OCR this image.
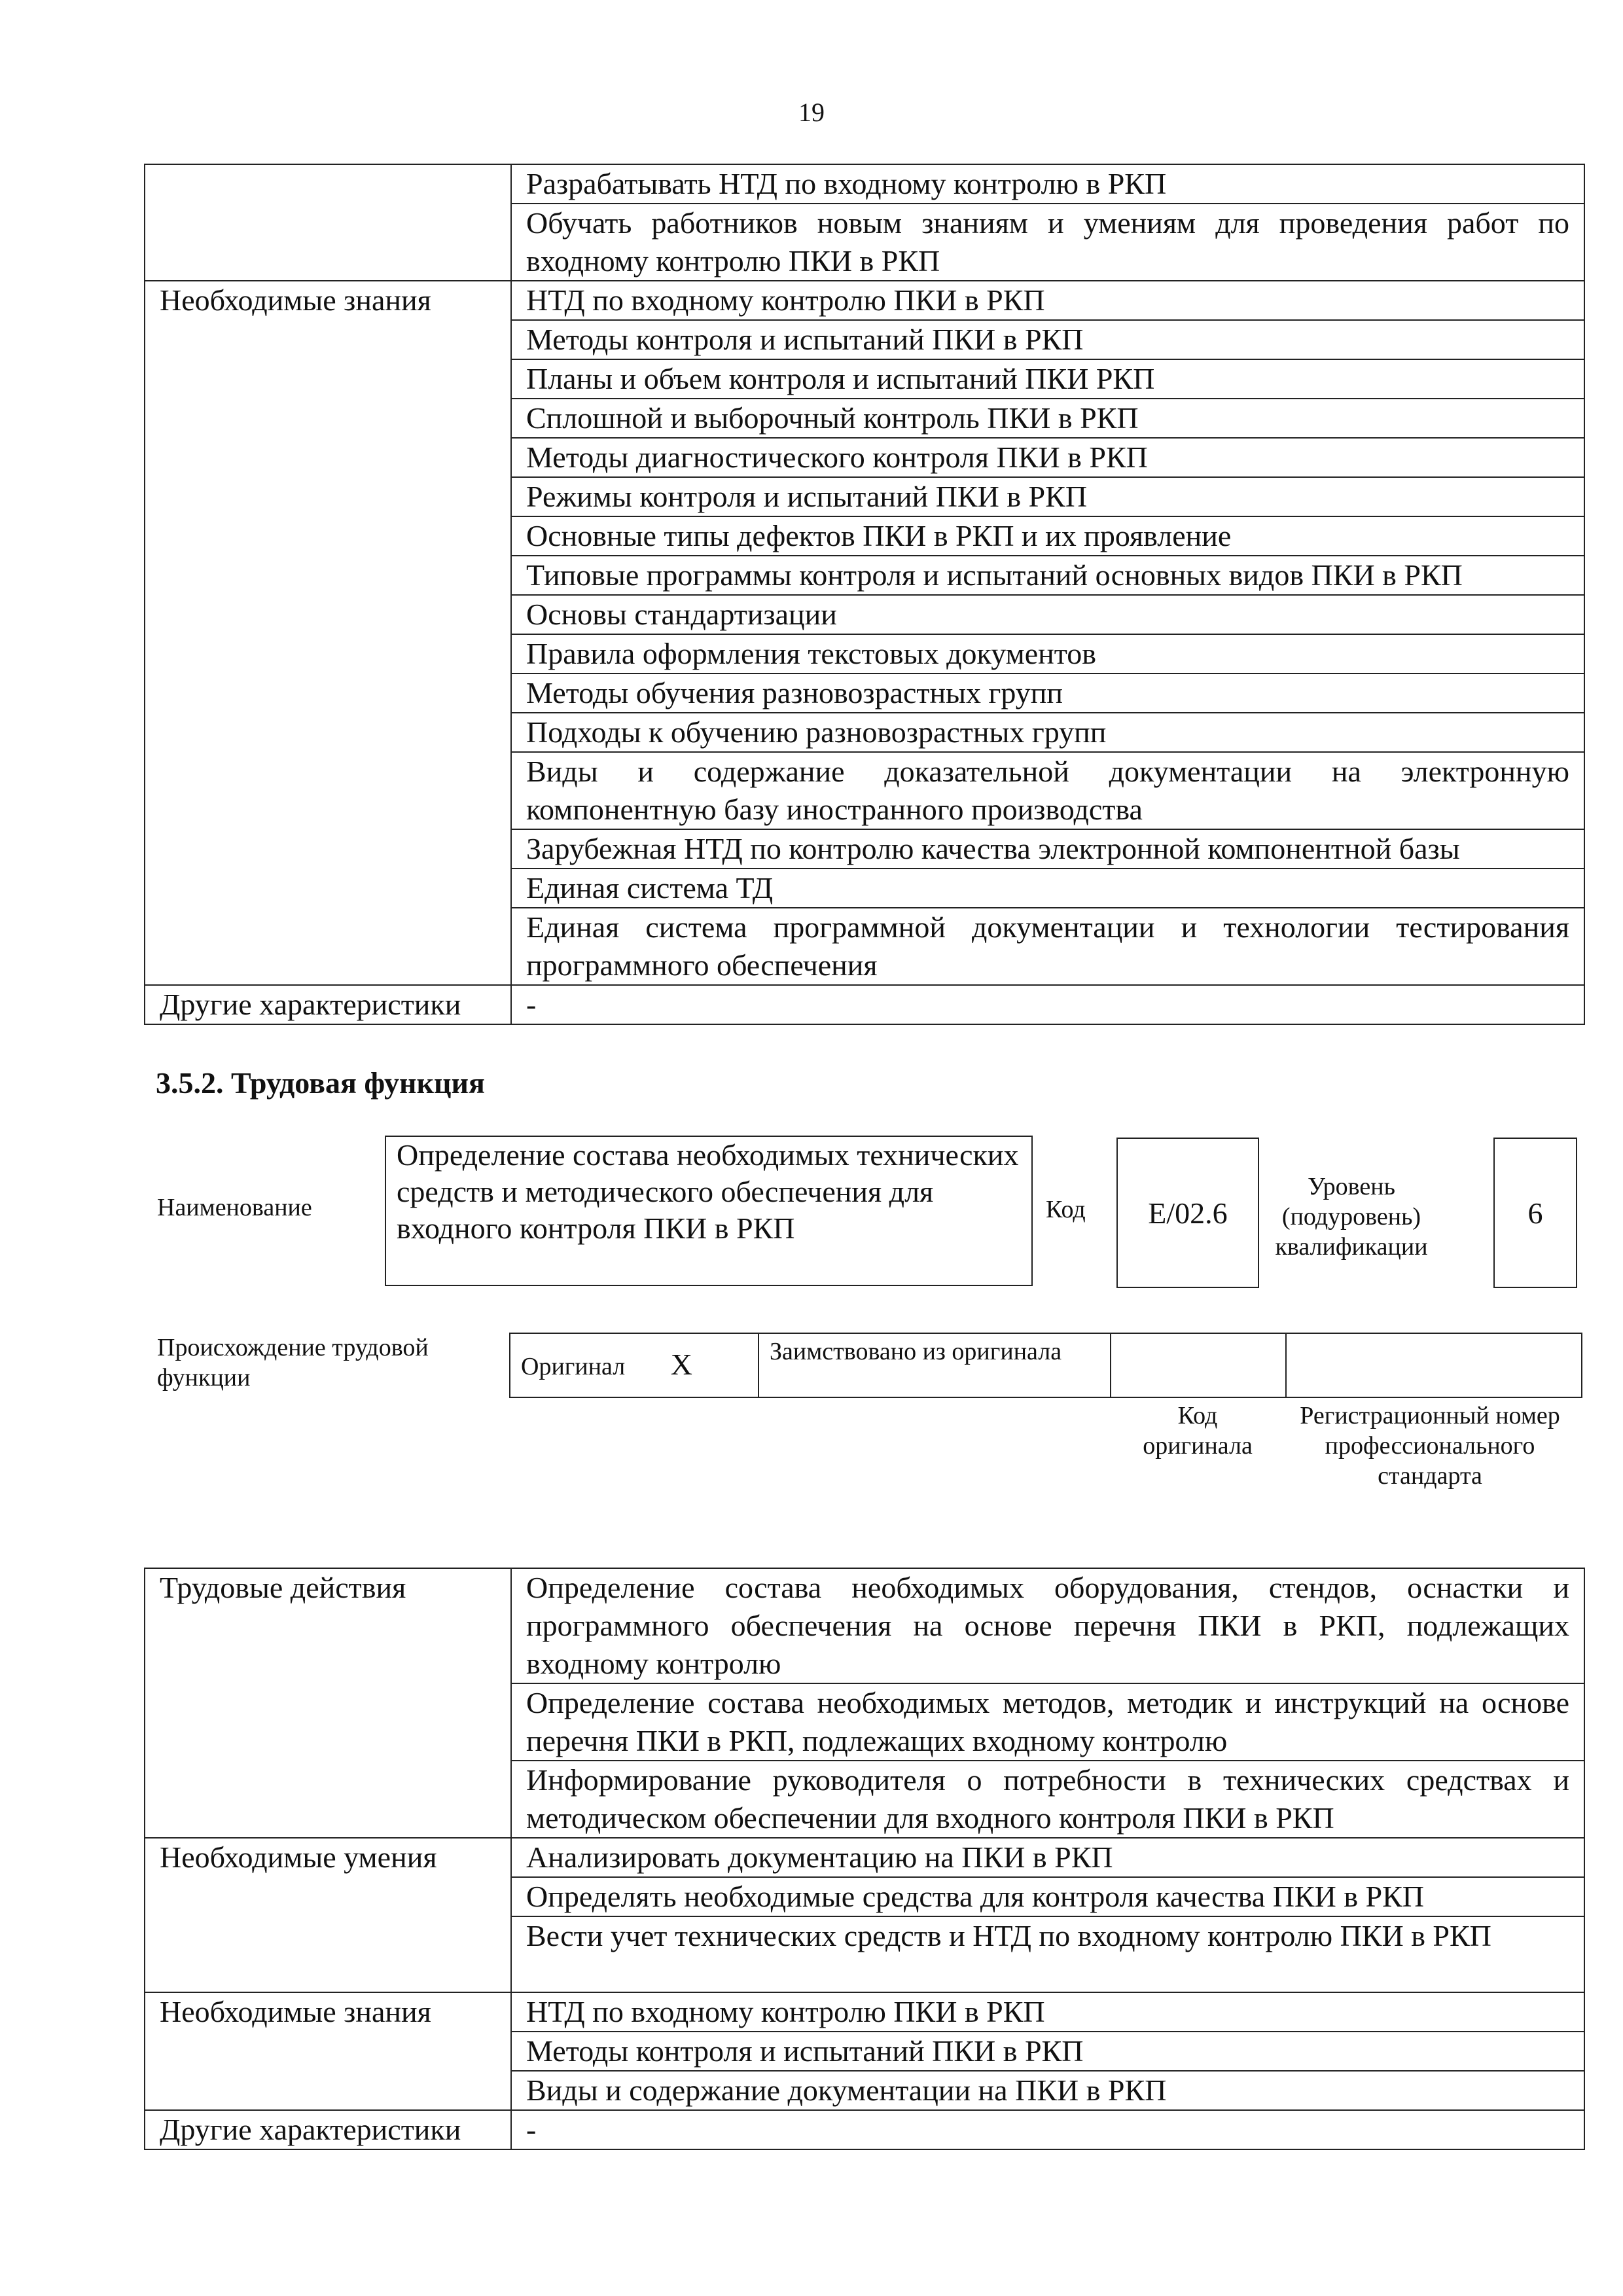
19
	Разрабатывать НТД по входному контролю в РКП
	Обучать работников новым знаниям и умениям для проведения работ по входному контролю ПКИ в РКП
Необходимые знания	НТД по входному контролю ПКИ в РКП
	Методы контроля и испытаний ПКИ в РКП
	Планы и объем контроля и испытаний ПКИ РКП
	Сплошной и выборочный контроль ПКИ в РКП
	Методы диагностического контроля ПКИ в РКП
	Режимы контроля и испытаний ПКИ в РКП
	Основные типы дефектов ПКИ в РКП и их проявление
	Типовые программы контроля и испытаний основных видов ПКИ в РКП
	Основы стандартизации
	Правила оформления текстовых документов
	Методы обучения разновозрастных групп
	Подходы к обучению разновозрастных групп
	Виды и содержание доказательной документации на электронную компонентную базу иностранного производства
	Зарубежная НТД по контролю качества электронной компонентной базы
	Единая система ТД
	Единая система программной документации и технологии тестирования программного обеспечения
Другие характеристики	-
3.5.2. Трудовая функция
Наименование
Определение состава необходимых технических средств и методического обеспечения для входного контроля ПКИ в РКП
Код E/02.6
Уровень (подуровень) квалификации
6
Происхождение трудовой функции	Оригинал X	Заимствовано из оригинала		
Код оригинала
Регистрационный номер профессионального стандарта
Трудовые действия	Определение состава необходимых оборудования, стендов, оснастки и программного обеспечения на основе перечня ПКИ в РКП, подлежащих входному контролю
	Определение состава необходимых методов, методик и инструкций на основе перечня ПКИ в РКП, подлежащих входному контролю
	Информирование руководителя о потребности в технических средствах и методическом обеспечении для входного контроля ПКИ в РКП
Необходимые умения	Анализировать документацию на ПКИ в РКП
	Определять необходимые средства для контроля качества ПКИ в РКП
	Вести учет технических средств и НТД по входному контролю ПКИ в РКП
Необходимые знания	НТД по входному контролю ПКИ в РКП
	Методы контроля и испытаний ПКИ в РКП
	Виды и содержание документации на ПКИ в РКП
Другие характеристики	-
